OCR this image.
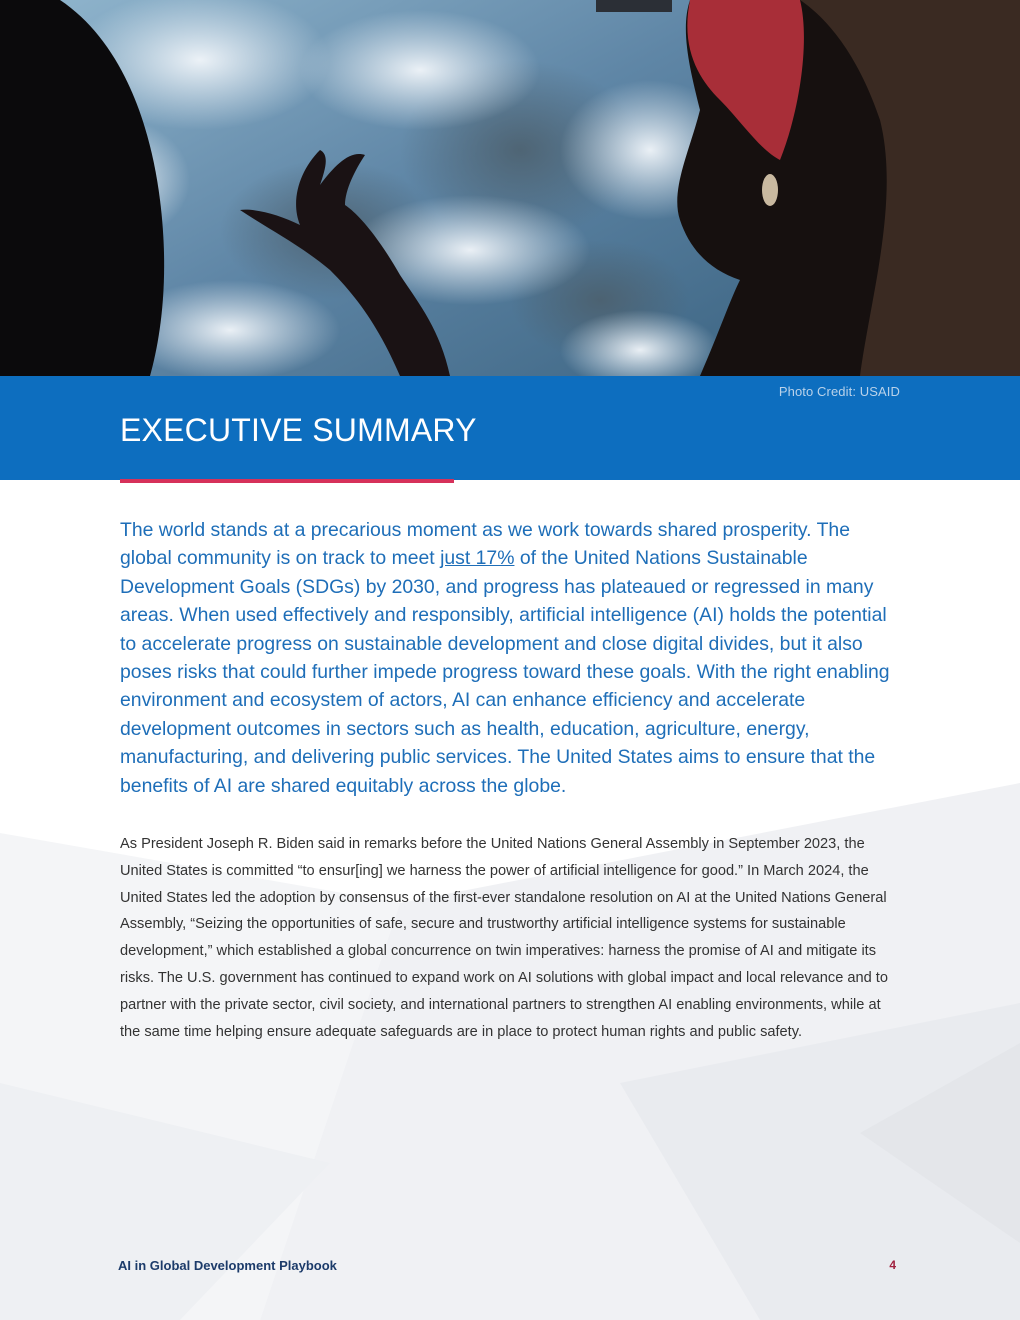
Photo Credit: USAID
EXECUTIVE SUMMARY

The world stands at a precarious moment as we work towards shared prosperity. The global community is on track to meet just 17% of the United Nations Sustainable Development Goals (SDGs) by 2030, and progress has plateaued or regressed in many areas. When used effectively and responsibly, artificial intelligence (AI) holds the potential to accelerate progress on sustainable development and close digital divides, but it also poses risks that could further impede progress toward these goals. With the right enabling environment and ecosystem of actors, AI can enhance efficiency and accelerate development outcomes in sectors such as health, education, agriculture, energy, manufacturing, and delivering public services. The United States aims to ensure that the benefits of AI are shared equitably across the globe.

As President Joseph R. Biden said in remarks before the United Nations General Assembly in September 2023, the United States is committed “to ensur[ing] we harness the power of artificial intelligence for good.” In March 2024, the United States led the adoption by consensus of the first-ever standalone resolution on AI at the United Nations General Assembly, “Seizing the opportunities of safe, secure and trustworthy artificial intelligence systems for sustainable development,” which established a global concurrence on twin imperatives: harness the promise of AI and mitigate its risks. The U.S. government has continued to expand work on AI solutions with global impact and local relevance and to partner with the private sector, civil society, and international partners to strengthen AI enabling environments, while at the same time helping ensure adequate safeguards are in place to protect human rights and public safety.

AI in Global Development Playbook	4
